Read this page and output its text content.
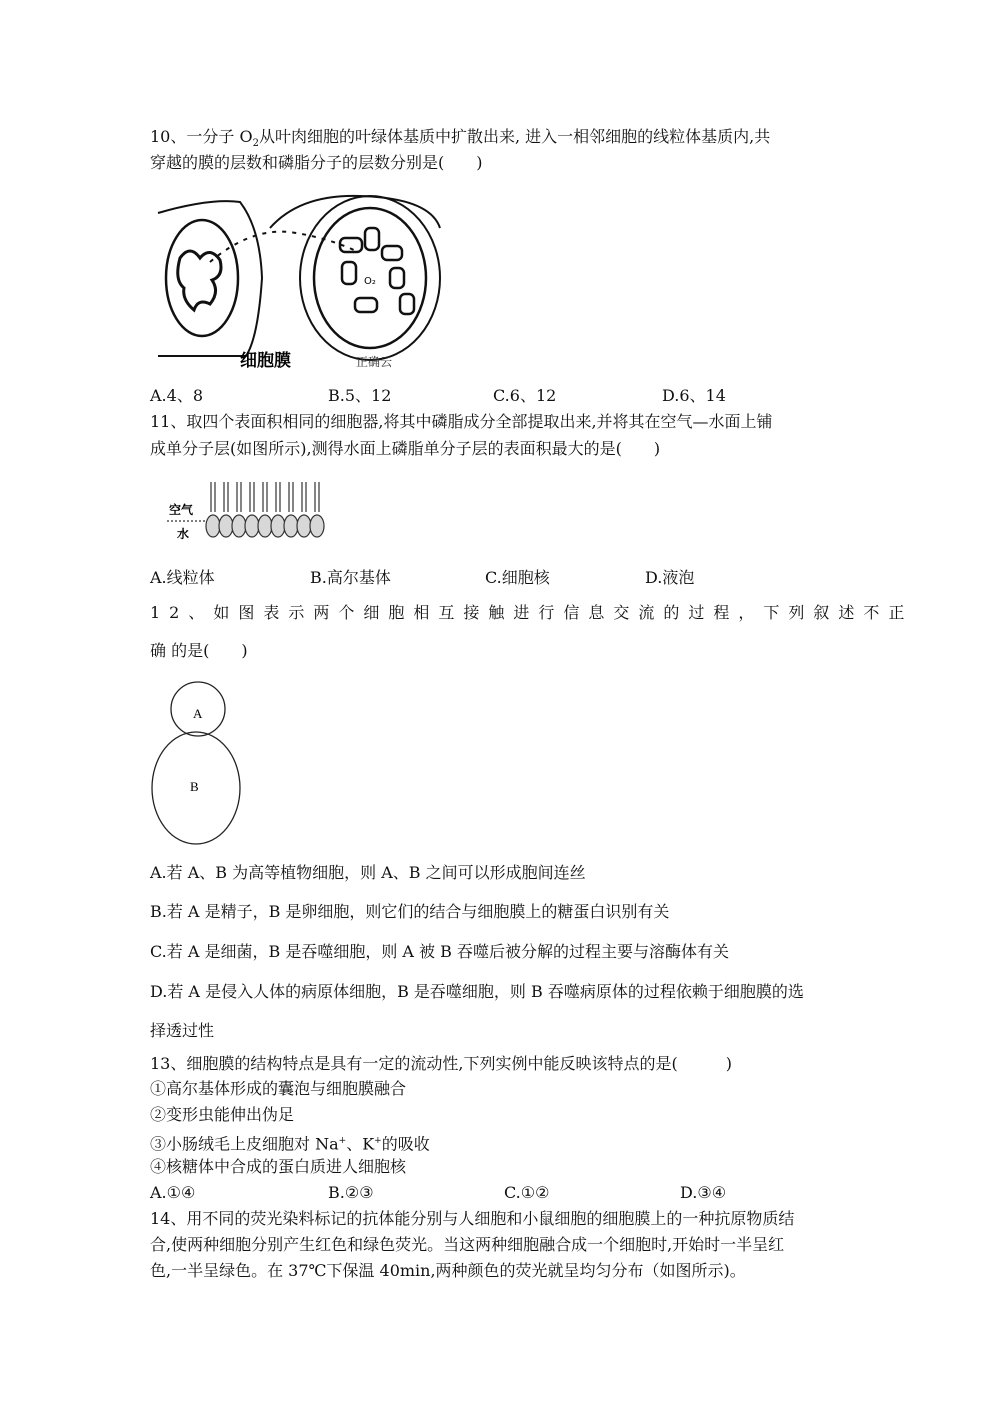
10、一分子 $O_2$从叶肉细胞的叶绿体基质中扩散出来, 进入一相邻细胞的线粒体基质内,共
穿越的膜的层数和磷脂分子的层数分别是(　　)
O₂
细胞膜	正确云
A.4、8	B.5、12	C.6、12	D.6、14
11、取四个表面积相同的细胞器,将其中磷脂成分全部提取出来,并将其在空气—水面上铺
成单分子层(如图所示),测得水面上磷脂单分子层的表面积最大的是(　　)
空气
水
A.线粒体	B.高尔基体	C.细胞核	D.液泡
12、如图表示两个细胞相互接触进行信息交流的过程，下列叙述不正
确 的是(　　)
A
B
A.若 A、B 为高等植物细胞，则 A、B 之间可以形成胞间连丝
B.若 A 是精子，B 是卵细胞，则它们的结合与细胞膜上的糖蛋白识别有关
C.若 A 是细菌，B 是吞噬细胞，则 A 被 B 吞噬后被分解的过程主要与溶酶体有关
D.若 A 是侵入人体的病原体细胞，B 是吞噬细胞，则 B 吞噬病原体的过程依赖于细胞膜的选
择透过性
13、细胞膜的结构特点是具有一定的流动性,下列实例中能反映该特点的是(　　　)
①高尔基体形成的囊泡与细胞膜融合
②变形虫能伸出伪足
③小肠绒毛上皮细胞对 Na+、K+的吸收
④核糖体中合成的蛋白质进人细胞核
A.①④	B.②③	C.①②	D.③④
14、用不同的荧光染料标记的抗体能分别与人细胞和小鼠细胞的细胞膜上的一种抗原物质结
合,使两种细胞分别产生红色和绿色荧光。当这两种细胞融合成一个细胞时,开始时一半呈红
色,一半呈绿色。在 37℃下保温 40min,两种颜色的荧光就呈均匀分布（如图所示)。
